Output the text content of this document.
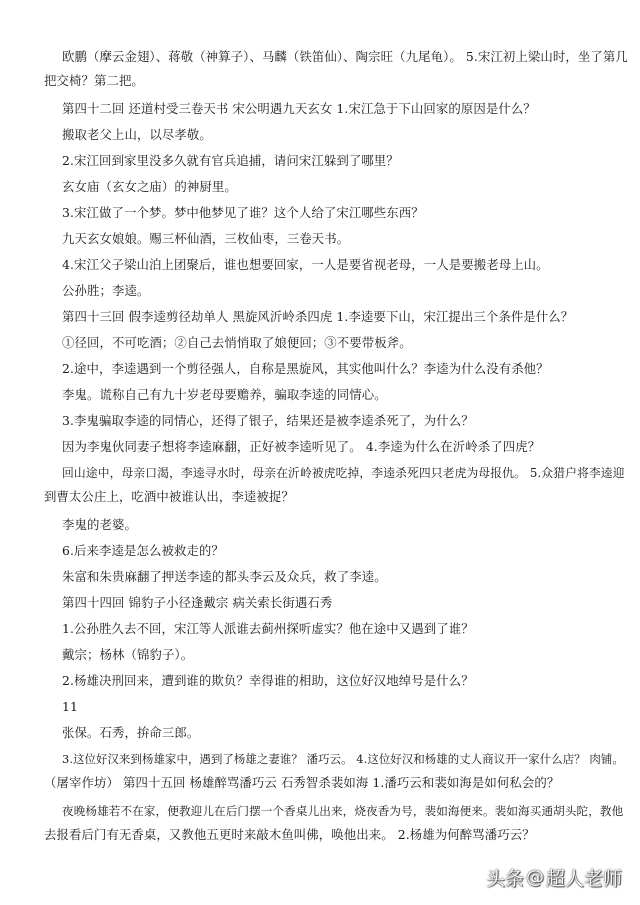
欧鹏（摩云金翅）、蒋敬（神算子）、马麟（铁笛仙）、陶宗旺（九尾龟）。 5.宋江初上梁山时，坐了第几
把交椅？第二把。
第四十二回 还道村受三卷天书 宋公明遇九天玄女 1.宋江急于下山回家的原因是什么？
搬取老父上山，以尽孝敬。
2.宋江回到家里没多久就有官兵追捕，请问宋江躲到了哪里？
玄女庙（玄女之庙）的神厨里。
3.宋江做了一个梦。梦中他梦见了谁？这个人给了宋江哪些东西？
九天玄女娘娘。赐三杯仙酒，三枚仙枣，三卷天书。
4.宋江父子梁山泊上团聚后，谁也想要回家，一人是要省视老母，一人是要搬老母上山。
公孙胜；李逵。
第四十三回 假李逵剪径劫单人 黑旋风沂岭杀四虎 1.李逵要下山，宋江提出三个条件是什么？
①径回，不可吃酒；②自己去悄悄取了娘便回；③不要带板斧。
2.途中，李逵遇到一个剪径强人，自称是黑旋风，其实他叫什么？李逵为什么没有杀他？
李鬼。谎称自己有九十岁老母要赡养，骗取李逵的同情心。
3.李鬼骗取李逵的同情心，还得了银子，结果还是被李逵杀死了，为什么？
因为李鬼伙同妻子想将李逵麻翻，正好被李逵听见了。 4.李逵为什么在沂岭杀了四虎？
回山途中，母亲口渴，李逵寻水时，母亲在沂岭被虎吃掉，李逵杀死四只老虎为母报仇。 5.众猎户将李逵迎
到曹太公庄上，吃酒中被谁认出，李逵被捉？
李鬼的老婆。
6.后来李逵是怎么被救走的？
朱富和朱贵麻翻了押送李逵的都头李云及众兵，救了李逵。
第四十四回 锦豹子小径逢戴宗 病关索长街遇石秀
1.公孙胜久去不回，宋江等人派谁去蓟州探听虚实？他在途中又遇到了谁？
戴宗；杨林（锦豹子）。
2.杨雄决刑回来，遭到谁的欺负？幸得谁的相助，这位好汉地绰号是什么？
11
张保。石秀，拚命三郎。
3.这位好汉来到杨雄家中，遇到了杨雄之妻谁？ 潘巧云。 4.这位好汉和杨雄的丈人商议开一家什么店？ 肉铺。
（屠宰作坊） 第四十五回 杨雄醉骂潘巧云 石秀智杀裴如海 1.潘巧云和裴如海是如何私会的？
夜晚杨雄若不在家，便教迎儿在后门摆一个香桌儿出来，烧夜香为号，裴如海便来。裴如海买通胡头陀，教他
去报看后门有无香桌，又教他五更时来敲木鱼叫佛，唤他出来。 2.杨雄为何醉骂潘巧云？
头条 @ 超人老师
